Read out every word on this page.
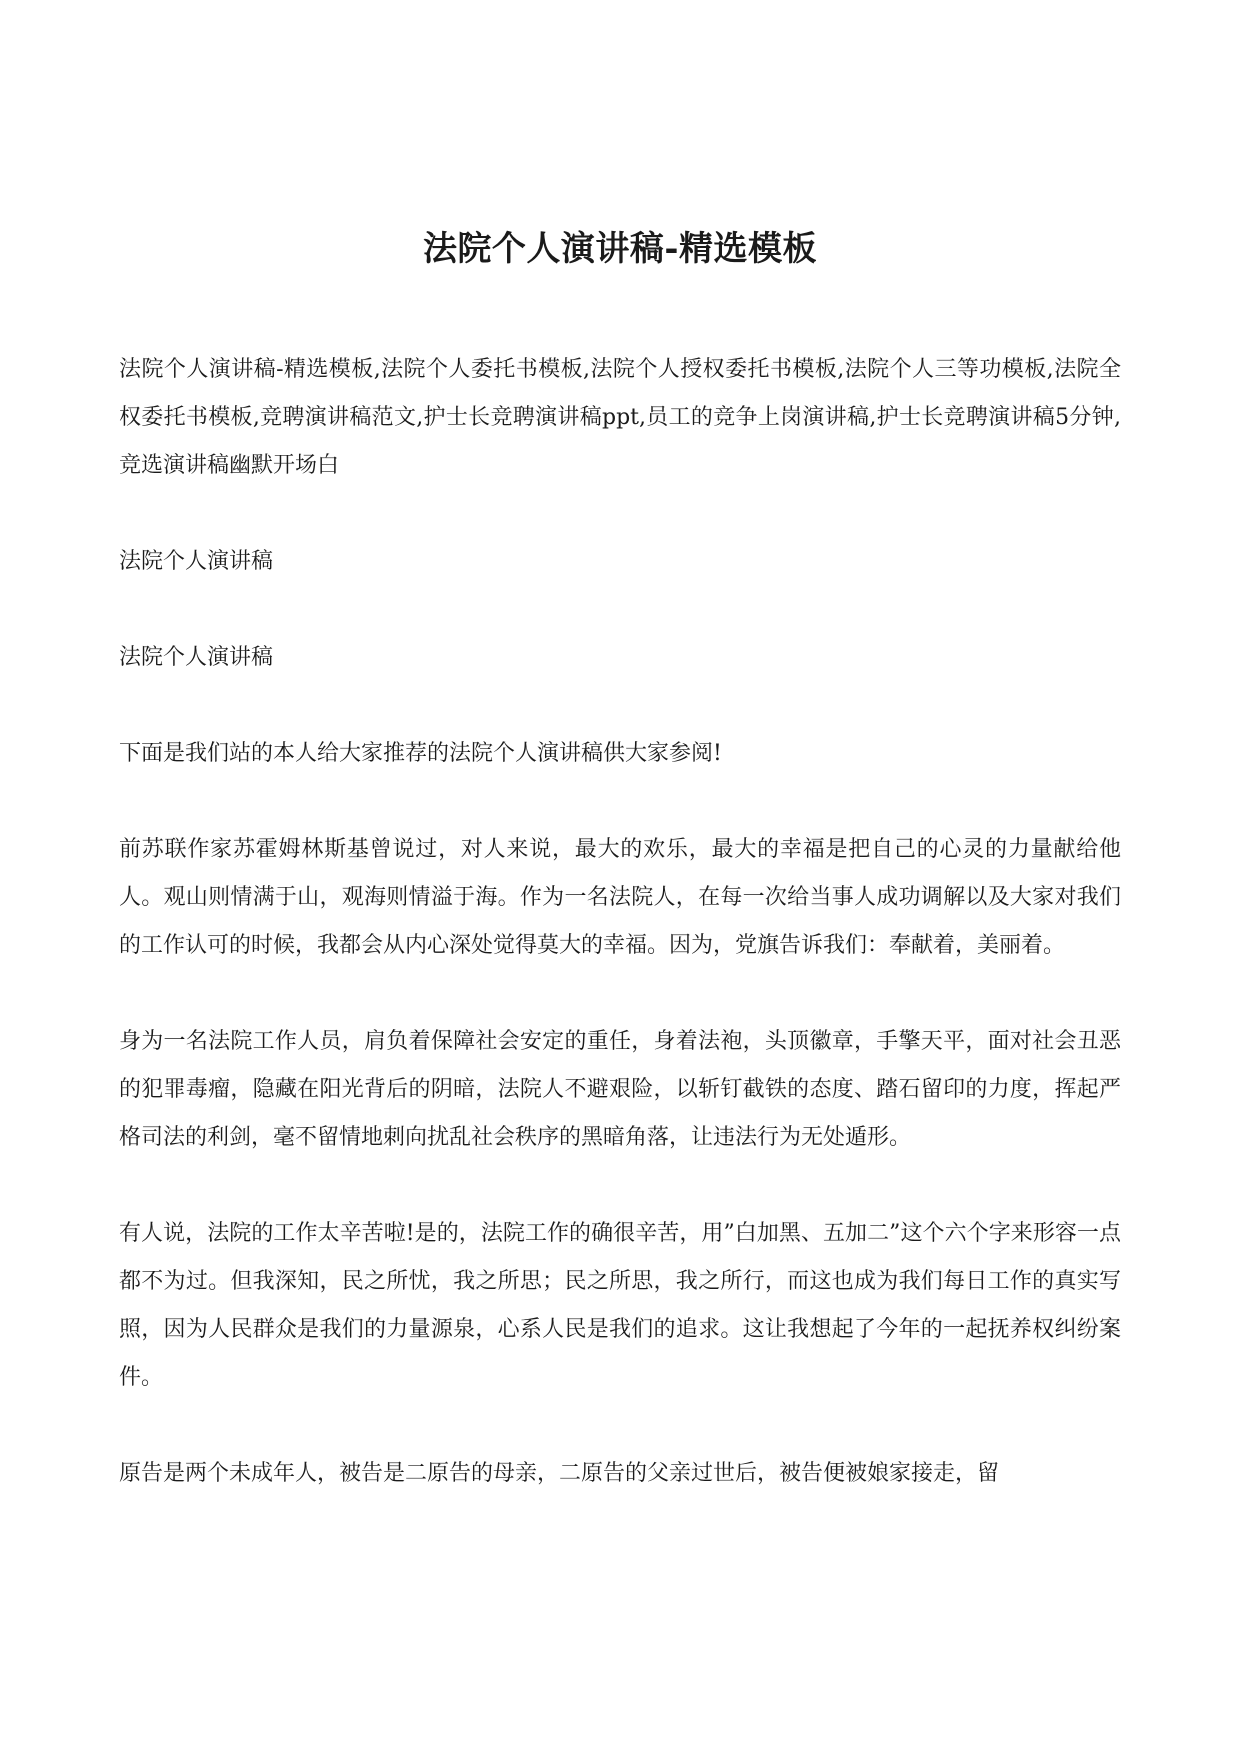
法院个人演讲稿-精选模板

法院个人演讲稿-精选模板,法院个人委托书模板,法院个人授权委托书模板,法院个人三等功模板,法院全权委托书模板,竞聘演讲稿范文,护士长竞聘演讲稿ppt,员工的竞争上岗演讲稿,护士长竞聘演讲稿5分钟,竞选演讲稿幽默开场白

法院个人演讲稿

法院个人演讲稿

下面是我们站的本人给大家推荐的法院个人演讲稿供大家参阅!

前苏联作家苏霍姆林斯基曾说过，对人来说，最大的欢乐，最大的幸福是把自己的心灵的力量献给他人。观山则情满于山，观海则情溢于海。作为一名法院人，在每一次给当事人成功调解以及大家对我们的工作认可的时候，我都会从内心深处觉得莫大的幸福。因为，党旗告诉我们：奉献着，美丽着。

身为一名法院工作人员，肩负着保障社会安定的重任，身着法袍，头顶徽章，手擎天平，面对社会丑恶的犯罪毒瘤，隐藏在阳光背后的阴暗，法院人不避艰险，以斩钉截铁的态度、踏石留印的力度，挥起严格司法的利剑，毫不留情地刺向扰乱社会秩序的黑暗角落，让违法行为无处遁形。

有人说，法院的工作太辛苦啦!是的，法院工作的确很辛苦，用”白加黑、五加二”这个六个字来形容一点都不为过。但我深知，民之所忧，我之所思；民之所思，我之所行，而这也成为我们每日工作的真实写照，因为人民群众是我们的力量源泉，心系人民是我们的追求。这让我想起了今年的一起抚养权纠纷案件。

原告是两个未成年人，被告是二原告的母亲，二原告的父亲过世后，被告便被娘家接走，留
